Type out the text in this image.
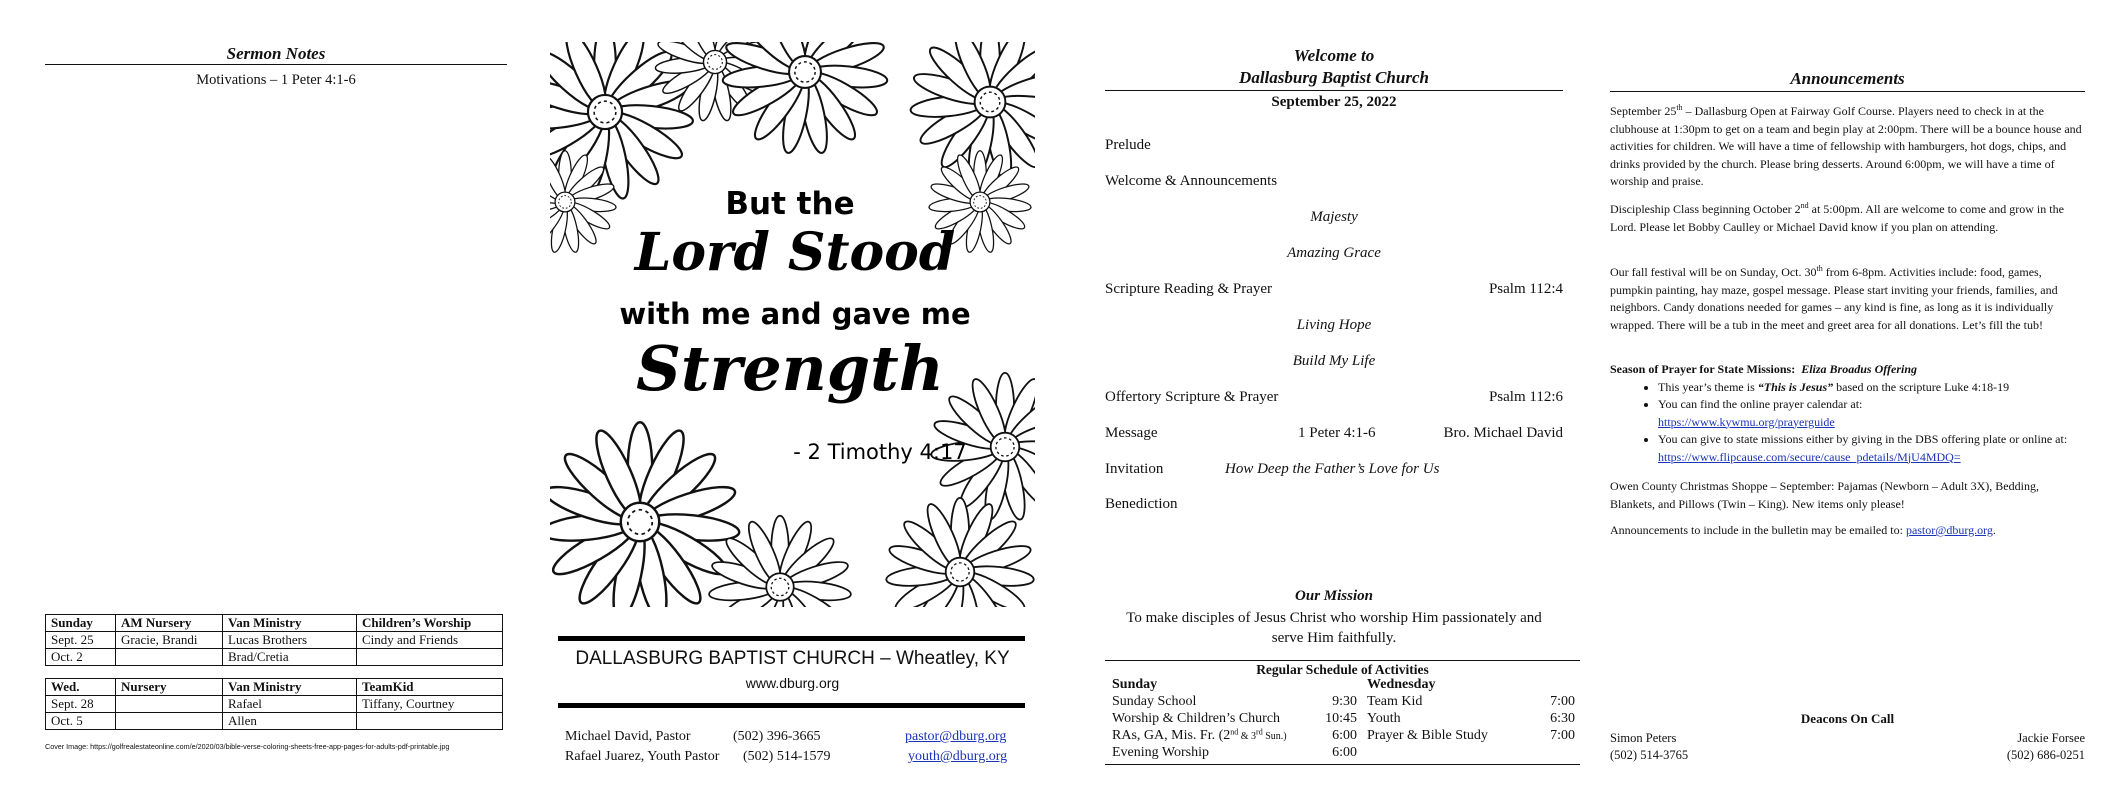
Sermon Notes
Motivations – 1 Peter 4:1-6
Sunday	AM Nursery	Van Ministry	Children’s Worship
Sept. 25	Gracie, Brandi	Lucas Brothers	Cindy and Friends
Oct. 2		Brad/Cretia	
Wed.	Nursery	Van Ministry	TeamKid
Sept. 28		Rafael	Tiffany, Courtney
Oct. 5		Allen	
Cover Image: https://golfrealestateonline.com/e/2020/03/bible-verse-coloring-sheets-free-app-pages-for-adults-pdf-printable.jpg
But the
Lord Stood
with me and gave me
Strength
- 2 Timothy 4:17
DALLASBURG BAPTIST CHURCH – Wheatley, KY
www.dburg.org
Michael David, Pastor	(502) 396-3665	pastor@dburg.org
Rafael Juarez, Youth Pastor (502) 514-1579	youth@dburg.org
Welcome to
Dallasburg Baptist Church
September 25, 2022
Prelude
Welcome & Announcements
Majesty
Amazing Grace
Scripture Reading & Prayer	Psalm 112:4
Living Hope
Build My Life
Offertory Scripture & Prayer	Psalm 112:6
Message	1 Peter 4:1-6	Bro. Michael David
Invitation	How Deep the Father’s Love for Us
Benediction
Our Mission
To make disciples of Jesus Christ who worship Him passionately and serve Him faithfully.
Regular Schedule of Activities
Sunday
Sunday School	9:30
Worship & Children’s Church	10:45
RAs, GA, Mis. Fr. (2nd & 3rd Sun.)	6:00
Evening Worship	6:00
Wednesday
Team Kid	7:00
Youth	6:30
Prayer & Bible Study	7:00
Announcements
September 25th – Dallasburg Open at Fairway Golf Course. Players need to check in at the clubhouse at 1:30pm to get on a team and begin play at 2:00pm. There will be a bounce house and activities for children. We will have a time of fellowship with hamburgers, hot dogs, chips, and drinks provided by the church. Please bring desserts. Around 6:00pm, we will have a time of worship and praise.
Discipleship Class beginning October 2nd at 5:00pm. All are welcome to come and grow in the Lord. Please let Bobby Caulley or Michael David know if you plan on attending.
Our fall festival will be on Sunday, Oct. 30th from 6-8pm. Activities include: food, games, pumpkin painting, hay maze, gospel message. Please start inviting your friends, families, and neighbors. Candy donations needed for games – any kind is fine, as long as it is individually wrapped. There will be a tub in the meet and greet area for all donations. Let’s fill the tub!
Season of Prayer for State Missions: Eliza Broadus Offering
• This year’s theme is “This is Jesus” based on the scripture Luke 4:18-19
• You can find the online prayer calendar at:
https://www.kywmu.org/prayerguide
• You can give to state missions either by giving in the DBS offering plate or online at:  https://www.flipcause.com/secure/cause_pdetails/MjU4MDQ=
Owen County Christmas Shoppe – September: Pajamas (Newborn – Adult 3X), Bedding, Blankets, and Pillows (Twin – King). New items only please!
Announcements to include in the bulletin may be emailed to: pastor@dburg.org.
Deacons On Call
Simon Peters
(502) 514-3765
Jackie Forsee
(502) 686-0251
